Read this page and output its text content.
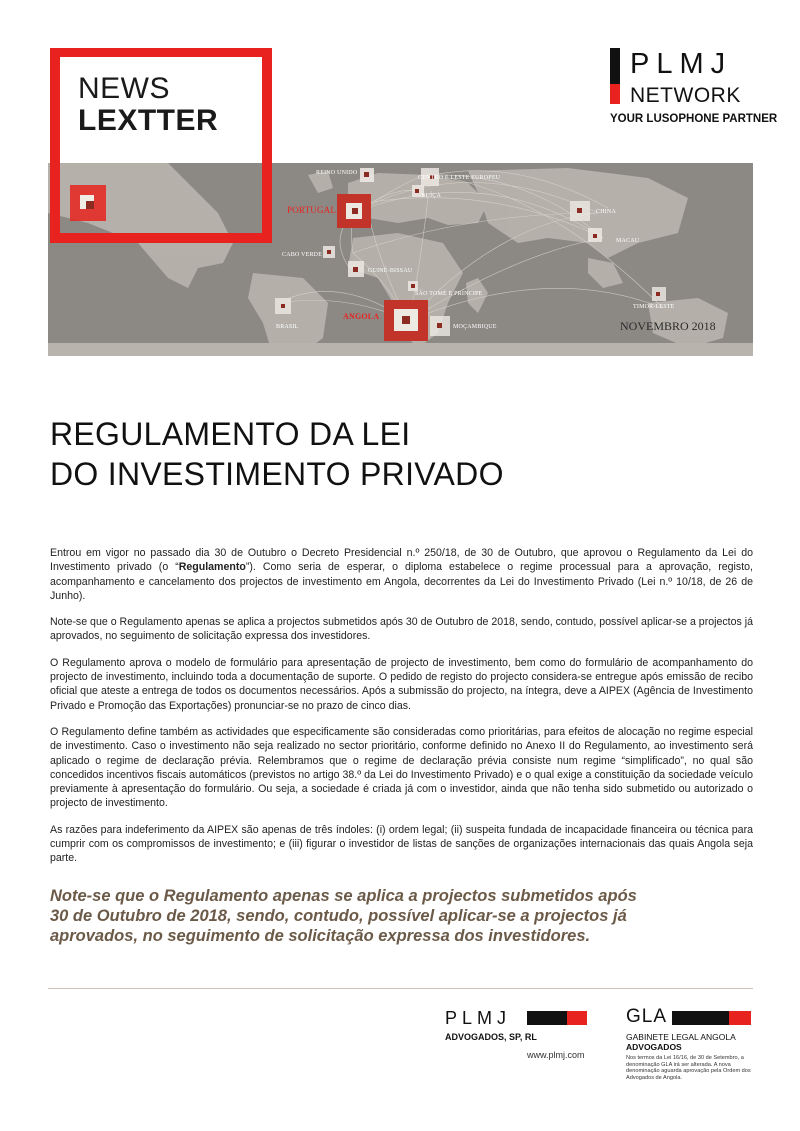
NEWS
LEXTTER
PLMJ
NETWORK
YOUR LUSOPHONE PARTNER
REINO UNIDO
CENTRO E LESTE EUROPEU
SUÍÇA
PORTUGAL	CHINA
MACAU
CABO VERDE
GUINÉ-BISSAU
SÃO TOMÉ E PRÍNCIPE
ANGOLA
TIMOR-LESTE
BRASIL	MOÇAMBIQUE	NOVEMBRO 2018
REGULAMENTO DA LEI
DO INVESTIMENTO PRIVADO

Entrou em vigor no passado dia 30 de Outubro o Decreto Presidencial n.º 250/18, de 30 de Outubro, que aprovou o Regulamento da Lei do Investimento privado (o “Regulamento”). Como seria de esperar, o diploma estabelece o regime processual para a aprovação, registo, acompanhamento e cancelamento dos projectos de investimento em Angola, decorrentes da Lei do Investimento Privado (Lei n.º 10/18, de 26 de Junho).

Note-se que o Regulamento apenas se aplica a projectos submetidos após 30 de Outubro de 2018, sendo, contudo, possível aplicar-se a projectos já aprovados, no seguimento de solicitação expressa dos investidores.

O Regulamento aprova o modelo de formulário para apresentação de projecto de investimento, bem como do formulário de acompanhamento do projecto de investimento, incluindo toda a documentação de suporte. O pedido de registo do projecto considera-se entregue após emissão de recibo oficial que ateste a entrega de todos os documentos necessários. Após a submissão do projecto, na íntegra, deve a AIPEX (Agência de Investimento Privado e Promoção das Exportações) pronunciar-se no prazo de cinco dias.

O Regulamento define também as actividades que especificamente são consideradas como prioritárias, para efeitos de alocação no regime especial de investimento. Caso o investimento não seja realizado no sector prioritário, conforme definido no Anexo II do Regulamento, ao investimento será aplicado o regime de declaração prévia. Relembramos que o regime de declaração prévia consiste num regime “simplificado”, no qual são concedidos incentivos fiscais automáticos (previstos no artigo 38.º da Lei do Investimento Privado) e o qual exige a constituição da sociedade veículo previamente à apresentação do formulário. Ou seja, a sociedade é criada já com o investidor, ainda que não tenha sido submetido ou autorizado o projecto de investimento.

As razões para indeferimento da AIPEX são apenas de três índoles: (i) ordem legal; (ii) suspeita fundada de incapacidade financeira ou técnica para cumprir com os compromissos de investimento; e (iii) figurar o investidor de listas de sanções de organizações internacionais das quais Angola seja parte.

Note-se que o Regulamento apenas se aplica a projectos submetidos após
30 de Outubro de 2018, sendo, contudo, possível aplicar-se a projectos já
aprovados, no seguimento de solicitação expressa dos investidores.
PLMJ
ADVOGADOS, SP, RL
www.plmj.com
GLA
GABINETE LEGAL ANGOLA
ADVOGADOS
Nos termos da Lei 16/16, de 30 de Setembro, a denominação GLA irá ser alterada. A nova denominação aguarda aprovação pela Ordem dos Advogados de Angola.
